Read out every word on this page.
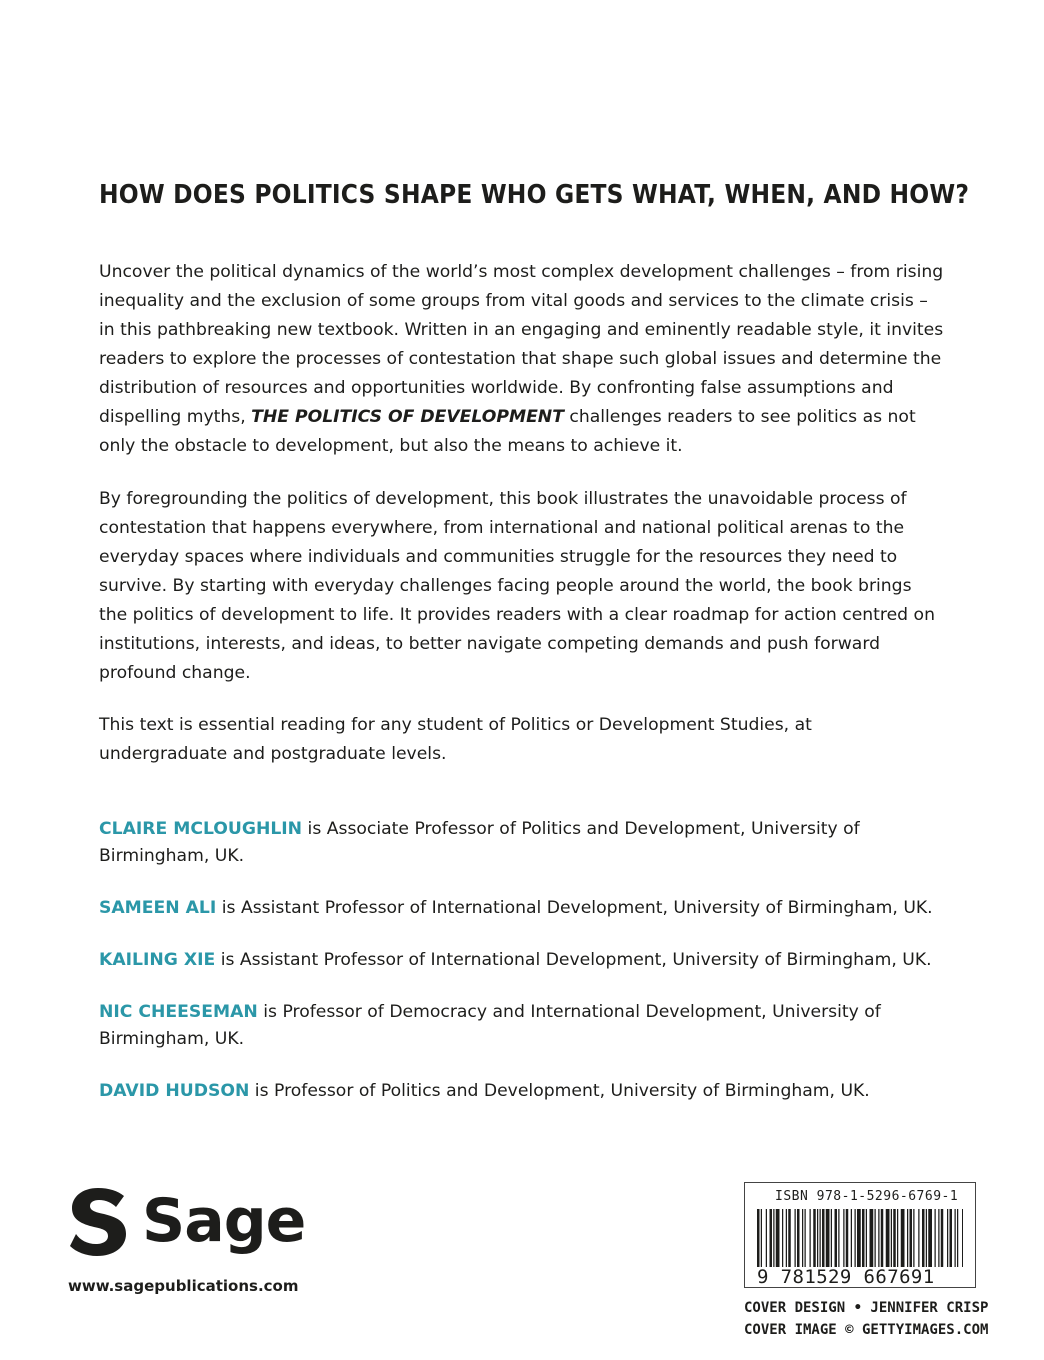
HOW DOES POLITICS SHAPE WHO GETS WHAT, WHEN, AND HOW?

Uncover the political dynamics of the world’s most complex development challenges – from rising inequality and the exclusion of some groups from vital goods and services to the climate crisis – in this pathbreaking new textbook. Written in an engaging and eminently readable style, it invites readers to explore the processes of contestation that shape such global issues and determine the distribution of resources and opportunities worldwide. By confronting false assumptions and dispelling myths, THE POLITICS OF DEVELOPMENT challenges readers to see politics as not only the obstacle to development, but also the means to achieve it.

By foregrounding the politics of development, this book illustrates the unavoidable process of contestation that happens everywhere, from international and national political arenas to the everyday spaces where individuals and communities struggle for the resources they need to survive. By starting with everyday challenges facing people around the world, the book brings the politics of development to life. It provides readers with a clear roadmap for action centred on institutions, interests, and ideas, to better navigate competing demands and push forward profound change.

This text is essential reading for any student of Politics or Development Studies, at undergraduate and postgraduate levels.

CLAIRE MCLOUGHLIN is Associate Professor of Politics and Development, University of Birmingham, UK.

SAMEEN ALI is Assistant Professor of International Development, University of Birmingham, UK.

KAILING XIE is Assistant Professor of International Development, University of Birmingham, UK.

NIC CHEESEMAN is Professor of Democracy and International Development, University of Birmingham, UK.

DAVID HUDSON is Professor of Politics and Development, University of Birmingham, UK.

Sage
www.sagepublications.com
ISBN 978-1-5296-6769-1
9 781529 667691
COVER DESIGN • JENNIFER CRISP
COVER IMAGE © GETTYIMAGES.COM
